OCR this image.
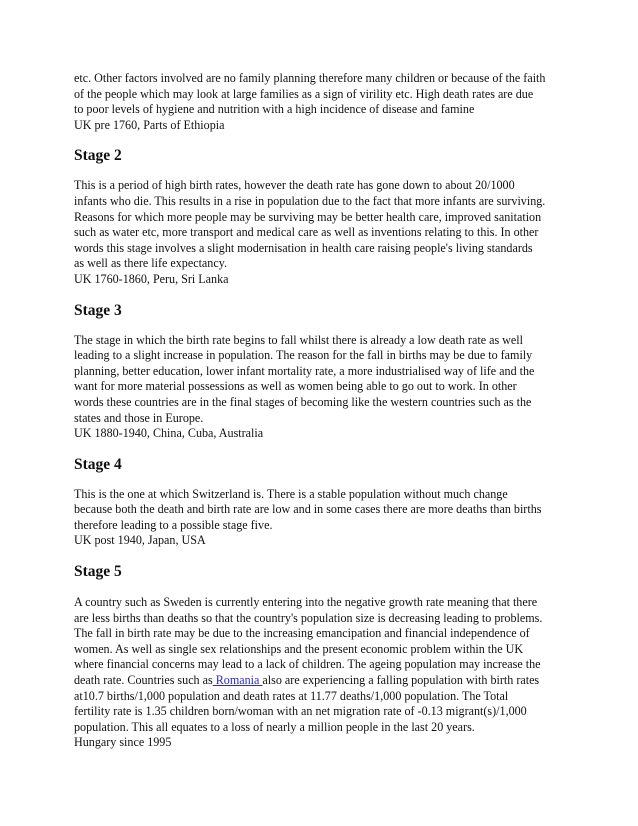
etc. Other factors involved are no family planning therefore many children or because of the faith
of the people which may look at large families as a sign of virility etc. High death rates are due
to poor levels of hygiene and nutrition with a high incidence of disease and famine
UK pre 1760, Parts of Ethiopia

Stage 2

This is a period of high birth rates, however the death rate has gone down to about 20/1000
infants who die. This results in a rise in population due to the fact that more infants are surviving.
Reasons for which more people may be surviving may be better health care, improved sanitation
such as water etc, more transport and medical care as well as inventions relating to this. In other
words this stage involves a slight modernisation in health care raising people's living standards
as well as there life expectancy.
UK 1760-1860, Peru, Sri Lanka

Stage 3

The stage in which the birth rate begins to fall whilst there is already a low death rate as well
leading to a slight increase in population. The reason for the fall in births may be due to family
planning, better education, lower infant mortality rate, a more industrialised way of life and the
want for more material possessions as well as women being able to go out to work. In other
words these countries are in the final stages of becoming like the western countries such as the
states and those in Europe.
UK 1880-1940, China, Cuba, Australia

Stage 4

This is the one at which Switzerland is. There is a stable population without much change
because both the death and birth rate are low and in some cases there are more deaths than births
therefore leading to a possible stage five.
UK post 1940, Japan, USA

Stage 5

A country such as Sweden is currently entering into the negative growth rate meaning that there
are less births than deaths so that the country's population size is decreasing leading to problems.
The fall in birth rate may be due to the increasing emancipation and financial independence of
women. As well as single sex relationships and the present economic problem within the UK
where financial concerns may lead to a lack of children. The ageing population may increase the
death rate. Countries such as Romania also are experiencing a falling population with birth rates
at10.7 births/1,000 population and death rates at 11.77 deaths/1,000 population. The Total
fertility rate is 1.35 children born/woman with an net migration rate of -0.13 migrant(s)/1,000
population. This all equates to a loss of nearly a million people in the last 20 years.
Hungary since 1995
